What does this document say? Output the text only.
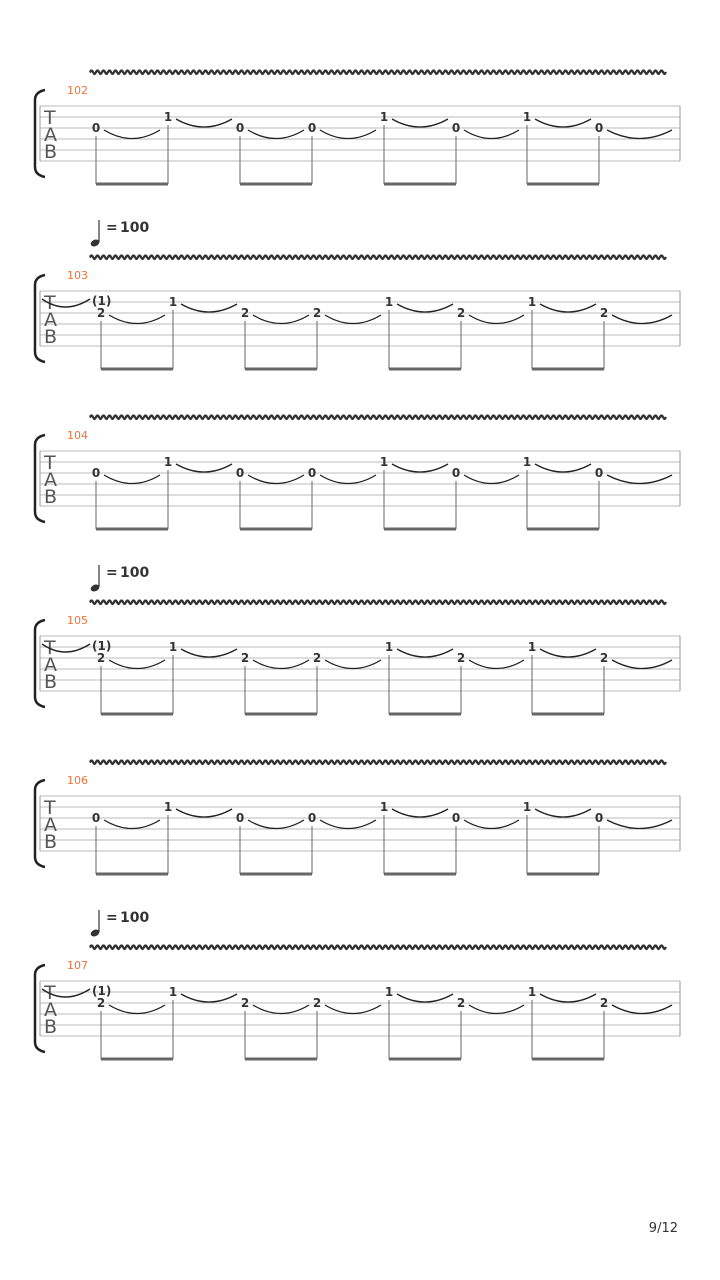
102
T
A
B
0
1
0	0
1
0
1
0
= 100
103
T
A
B
(1)
2
1
2	2
1
2
1
2
104
T
A
B
0
1
0	0
1
0
1
0
= 100
105
T
A
B
(1)
2
1
2	2
1
2
1
2
106
T
A
B
0
1
0	0
1
0
1
0
= 100
107
T
A
B
(1)
2
1
2	2
1
2
1
2
9/12
